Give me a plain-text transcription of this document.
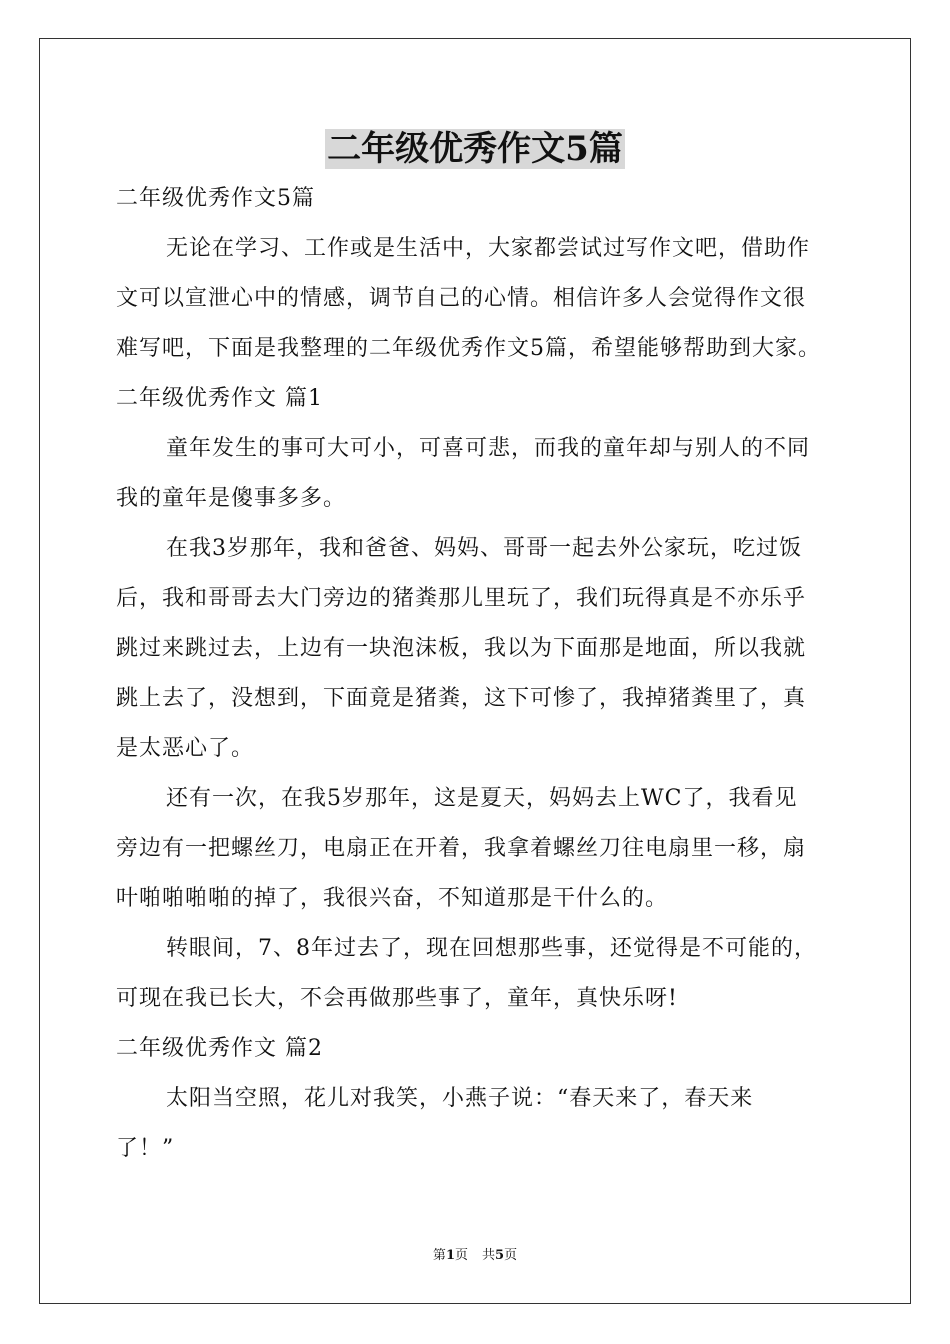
二年级优秀作文5篇
二年级优秀作文5篇
无论在学习、工作或是生活中，大家都尝试过写作文吧，借助作
文可以宣泄心中的情感，调节自己的心情。相信许多人会觉得作文很
难写吧，下面是我整理的二年级优秀作文5篇，希望能够帮助到大家。
二年级优秀作文 篇1
童年发生的事可大可小，可喜可悲，而我的童年却与别人的不同
我的童年是傻事多多。
在我3岁那年，我和爸爸、妈妈、哥哥一起去外公家玩，吃过饭
后，我和哥哥去大门旁边的猪粪那儿里玩了，我们玩得真是不亦乐乎
跳过来跳过去，上边有一块泡沫板，我以为下面那是地面，所以我就
跳上去了，没想到，下面竟是猪粪，这下可惨了，我掉猪粪里了，真
是太恶心了。
还有一次，在我5岁那年，这是夏天，妈妈去上WC了，我看见
旁边有一把螺丝刀，电扇正在开着，我拿着螺丝刀往电扇里一移，扇
叶啪啪啪啪的掉了，我很兴奋，不知道那是干什么的。
转眼间，7、8年过去了，现在回想那些事，还觉得是不可能的，
可现在我已长大，不会再做那些事了，童年，真快乐呀!
二年级优秀作文 篇2
太阳当空照，花儿对我笑，小燕子说：“春天来了，春天来
了！”
第1页 共5页
